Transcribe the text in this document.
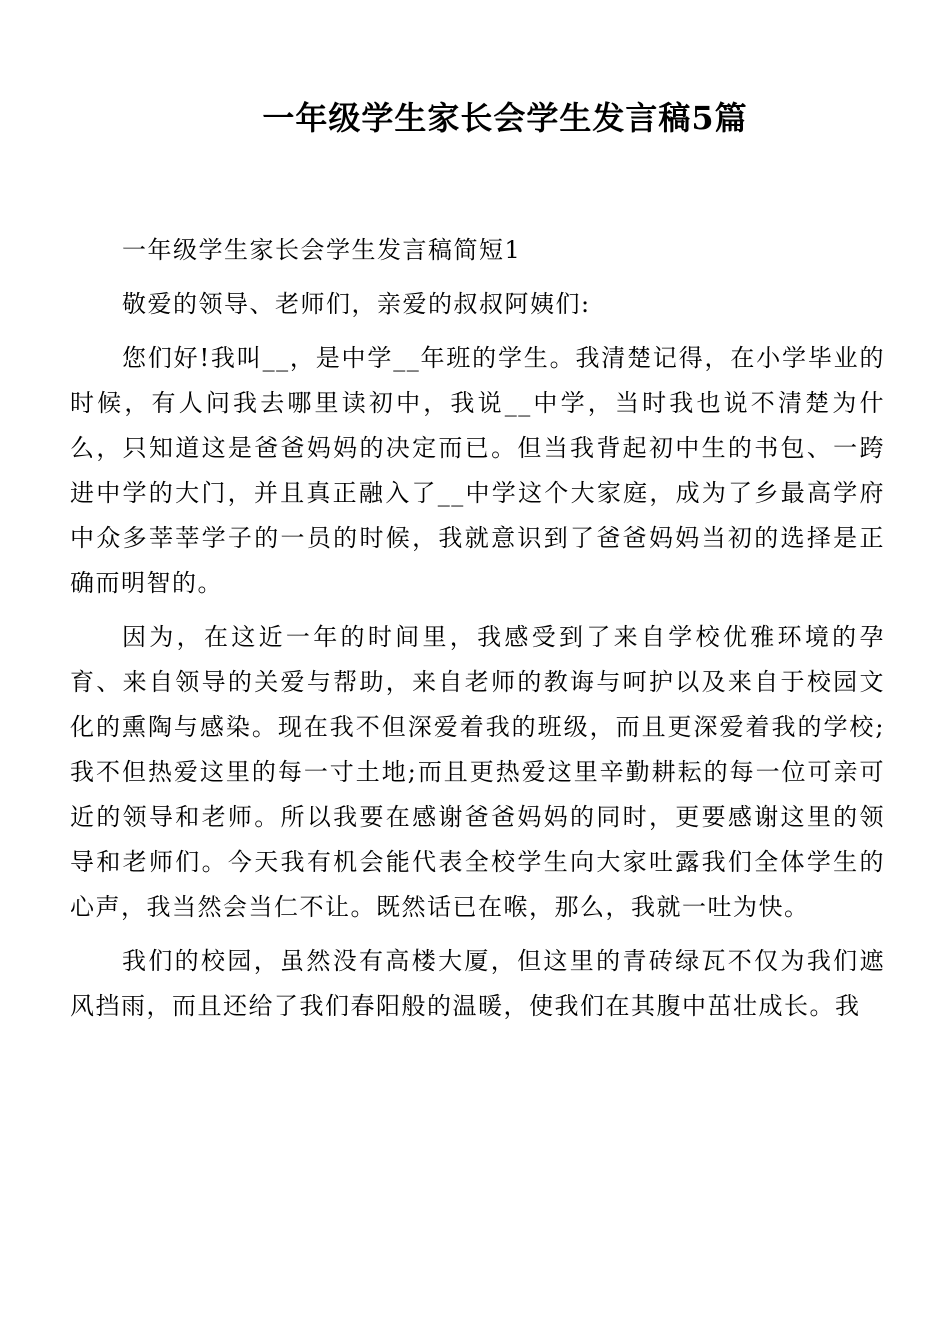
一年级学生家长会学生发言稿5篇

一年级学生家长会学生发言稿简短1

敬爱的领导、老师们，亲爱的叔叔阿姨们:

您们好!我叫__，是中学__年班的学生。我清楚记得，在小学毕业的时候，有人问我去哪里读初中，我说__中学，当时我也说不清楚为什么，只知道这是爸爸妈妈的决定而已。但当我背起初中生的书包、一跨进中学的大门，并且真正融入了__中学这个大家庭，成为了乡最高学府中众多莘莘学子的一员的时候，我就意识到了爸爸妈妈当初的选择是正确而明智的。

因为，在这近一年的时间里，我感受到了来自学校优雅环境的孕育、来自领导的关爱与帮助，来自老师的教诲与呵护以及来自于校园文化的熏陶与感染。现在我不但深爱着我的班级，而且更深爱着我的学校;我不但热爱这里的每一寸土地;而且更热爱这里辛勤耕耘的每一位可亲可近的领导和老师。所以我要在感谢爸爸妈妈的同时，更要感谢这里的领导和老师们。今天我有机会能代表全校学生向大家吐露我们全体学生的心声，我当然会当仁不让。既然话已在喉，那么，我就一吐为快。

我们的校园，虽然没有高楼大厦，但这里的青砖绿瓦不仅为我们遮风挡雨，而且还给了我们春阳般的温暖，使我们在其腹中茁壮成长。我
